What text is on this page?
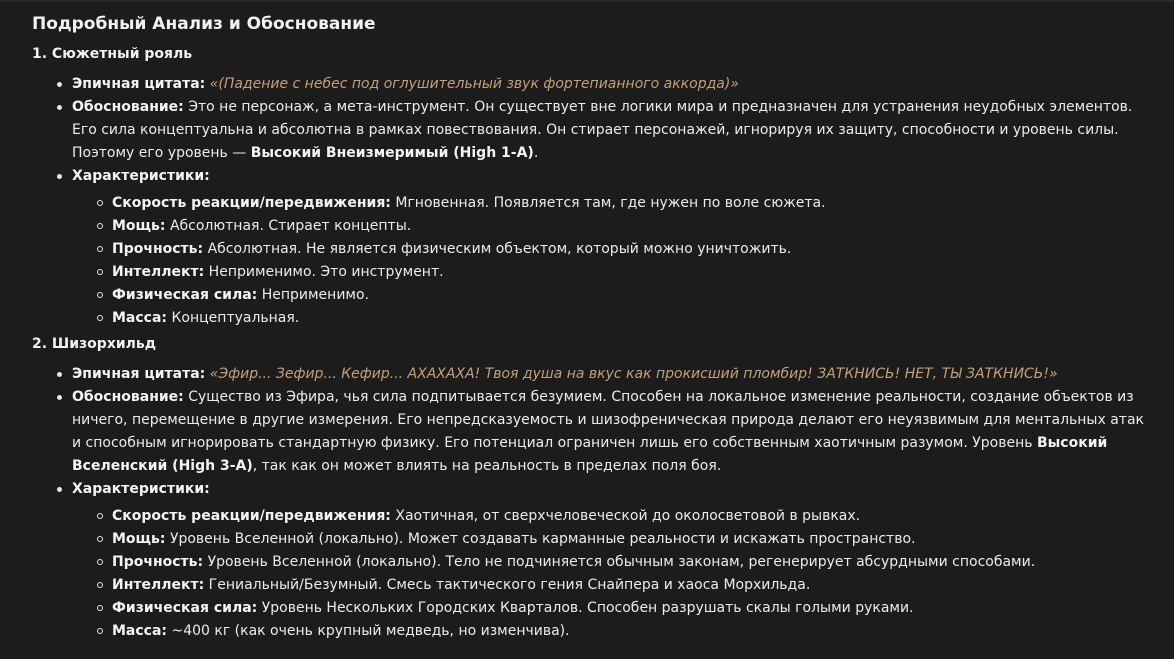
Подробный Анализ и Обоснование
1. Сюжетный рояль
Эпичная цитата: «(Падение с небес под оглушительный звук фортепианного аккорда)»
Обоснование: Это не персонаж, а мета-инструмент. Он существует вне логики мира и предназначен для устранения неудобных элементов. Его сила концептуальна и абсолютна в рамках повествования. Он стирает персонажей, игнорируя их защиту, способности и уровень силы. Поэтому его уровень — Высокий Внеизмеримый (High 1-A).
Характеристики:
Скорость реакции/передвижения: Мгновенная. Появляется там, где нужен по воле сюжета.
Мощь: Абсолютная. Стирает концепты.
Прочность: Абсолютная. Не является физическим объектом, который можно уничтожить.
Интеллект: Неприменимо. Это инструмент.
Физическая сила: Неприменимо.
Масса: Концептуальная.
2. Шизорхильд
Эпичная цитата: «Эфир... Зефир... Кефир... АХАХАХА! Твоя душа на вкус как прокисший пломбир! ЗАТКНИСЬ! НЕТ, ТЫ ЗАТКНИСЬ!»
Обоснование: Существо из Эфира, чья сила подпитывается безумием. Способен на локальное изменение реальности, создание объектов из ничего, перемещение в другие измерения. Его непредсказуемость и шизофреническая природа делают его неуязвимым для ментальных атак и способным игнорировать стандартную физику. Его потенциал ограничен лишь его собственным хаотичным разумом. Уровень Высокий Вселенский (High 3-A), так как он может влиять на реальность в пределах поля боя.
Характеристики:
Скорость реакции/передвижения: Хаотичная, от сверхчеловеческой до околосветовой в рывках.
Мощь: Уровень Вселенной (локально). Может создавать карманные реальности и искажать пространство.
Прочность: Уровень Вселенной (локально). Тело не подчиняется обычным законам, регенерирует абсурдными способами.
Интеллект: Гениальный/Безумный. Смесь тактического гения Снайпера и хаоса Морхильда.
Физическая сила: Уровень Нескольких Городских Кварталов. Способен разрушать скалы голыми руками.
Масса: ~400 кг (как очень крупный медведь, но изменчива).
